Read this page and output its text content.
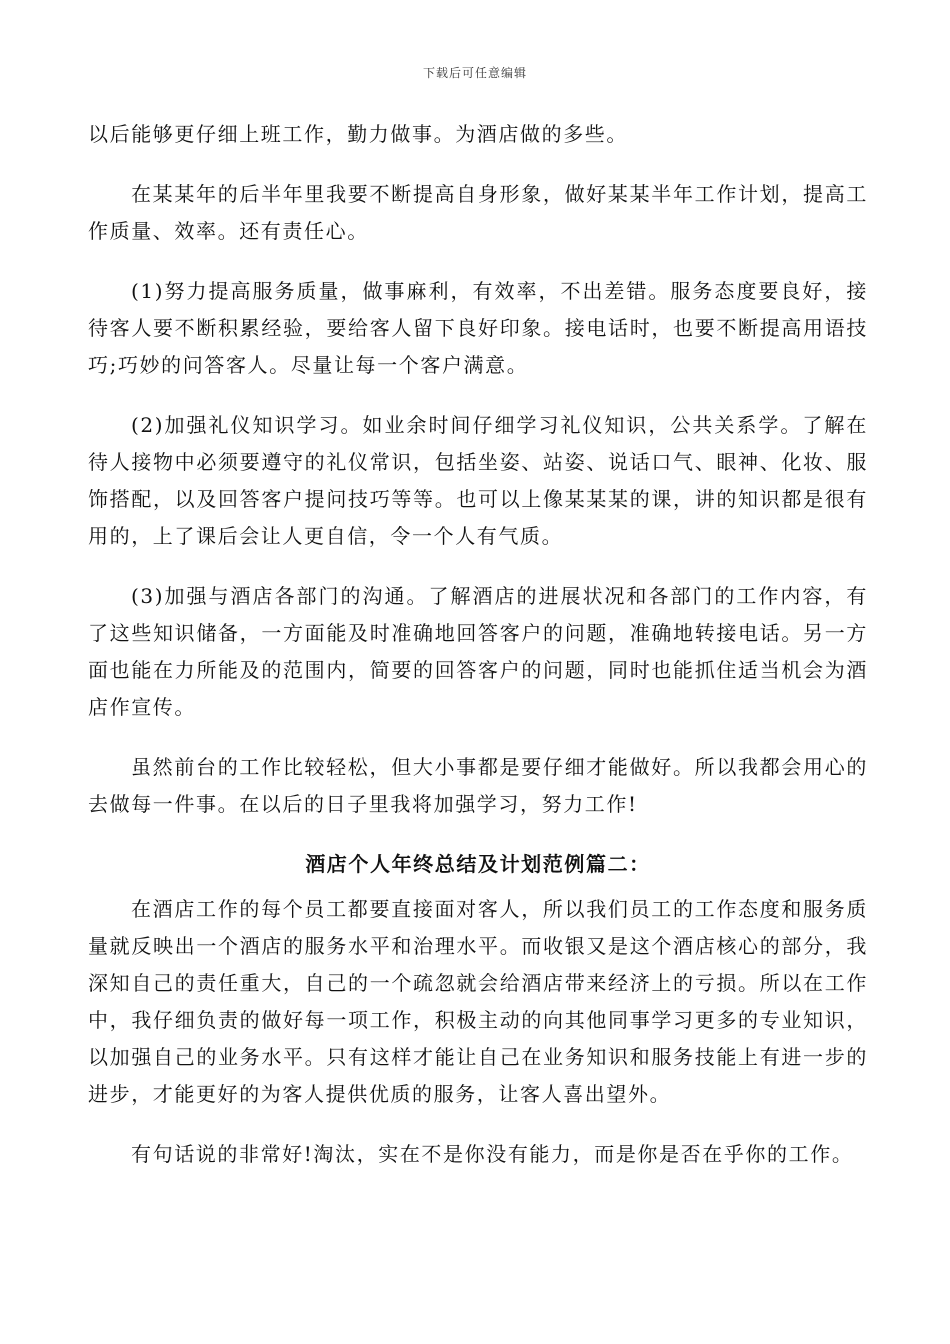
下载后可任意编辑

以后能够更仔细上班工作，勤力做事。为酒店做的多些。

在某某年的后半年里我要不断提高自身形象，做好某某半年工作计划，提高工作质量、效率。还有责任心。

(1)努力提高服务质量，做事麻利，有效率，不出差错。服务态度要良好，接待客人要不断积累经验，要给客人留下良好印象。接电话时，也要不断提高用语技巧;巧妙的问答客人。尽量让每一个客户满意。

(2)加强礼仪知识学习。如业余时间仔细学习礼仪知识，公共关系学。了解在待人接物中必须要遵守的礼仪常识，包括坐姿、站姿、说话口气、眼神、化妆、服饰搭配，以及回答客户提问技巧等等。也可以上像某某某的课，讲的知识都是很有用的，上了课后会让人更自信，令一个人有气质。

(3)加强与酒店各部门的沟通。了解酒店的进展状况和各部门的工作内容，有了这些知识储备，一方面能及时准确地回答客户的问题，准确地转接电话。另一方面也能在力所能及的范围内，简要的回答客户的问题，同时也能抓住适当机会为酒店作宣传。

虽然前台的工作比较轻松，但大小事都是要仔细才能做好。所以我都会用心的去做每一件事。在以后的日子里我将加强学习，努力工作!

酒店个人年终总结及计划范例篇二：

在酒店工作的每个员工都要直接面对客人，所以我们员工的工作态度和服务质量就反映出一个酒店的服务水平和治理水平。而收银又是这个酒店核心的部分，我深知自己的责任重大，自己的一个疏忽就会给酒店带来经济上的亏损。所以在工作中，我仔细负责的做好每一项工作，积极主动的向其他同事学习更多的专业知识，以加强自己的业务水平。只有这样才能让自己在业务知识和服务技能上有进一步的进步，才能更好的为客人提供优质的服务，让客人喜出望外。

有句话说的非常好!淘汰，实在不是你没有能力，而是你是否在乎你的工作。
